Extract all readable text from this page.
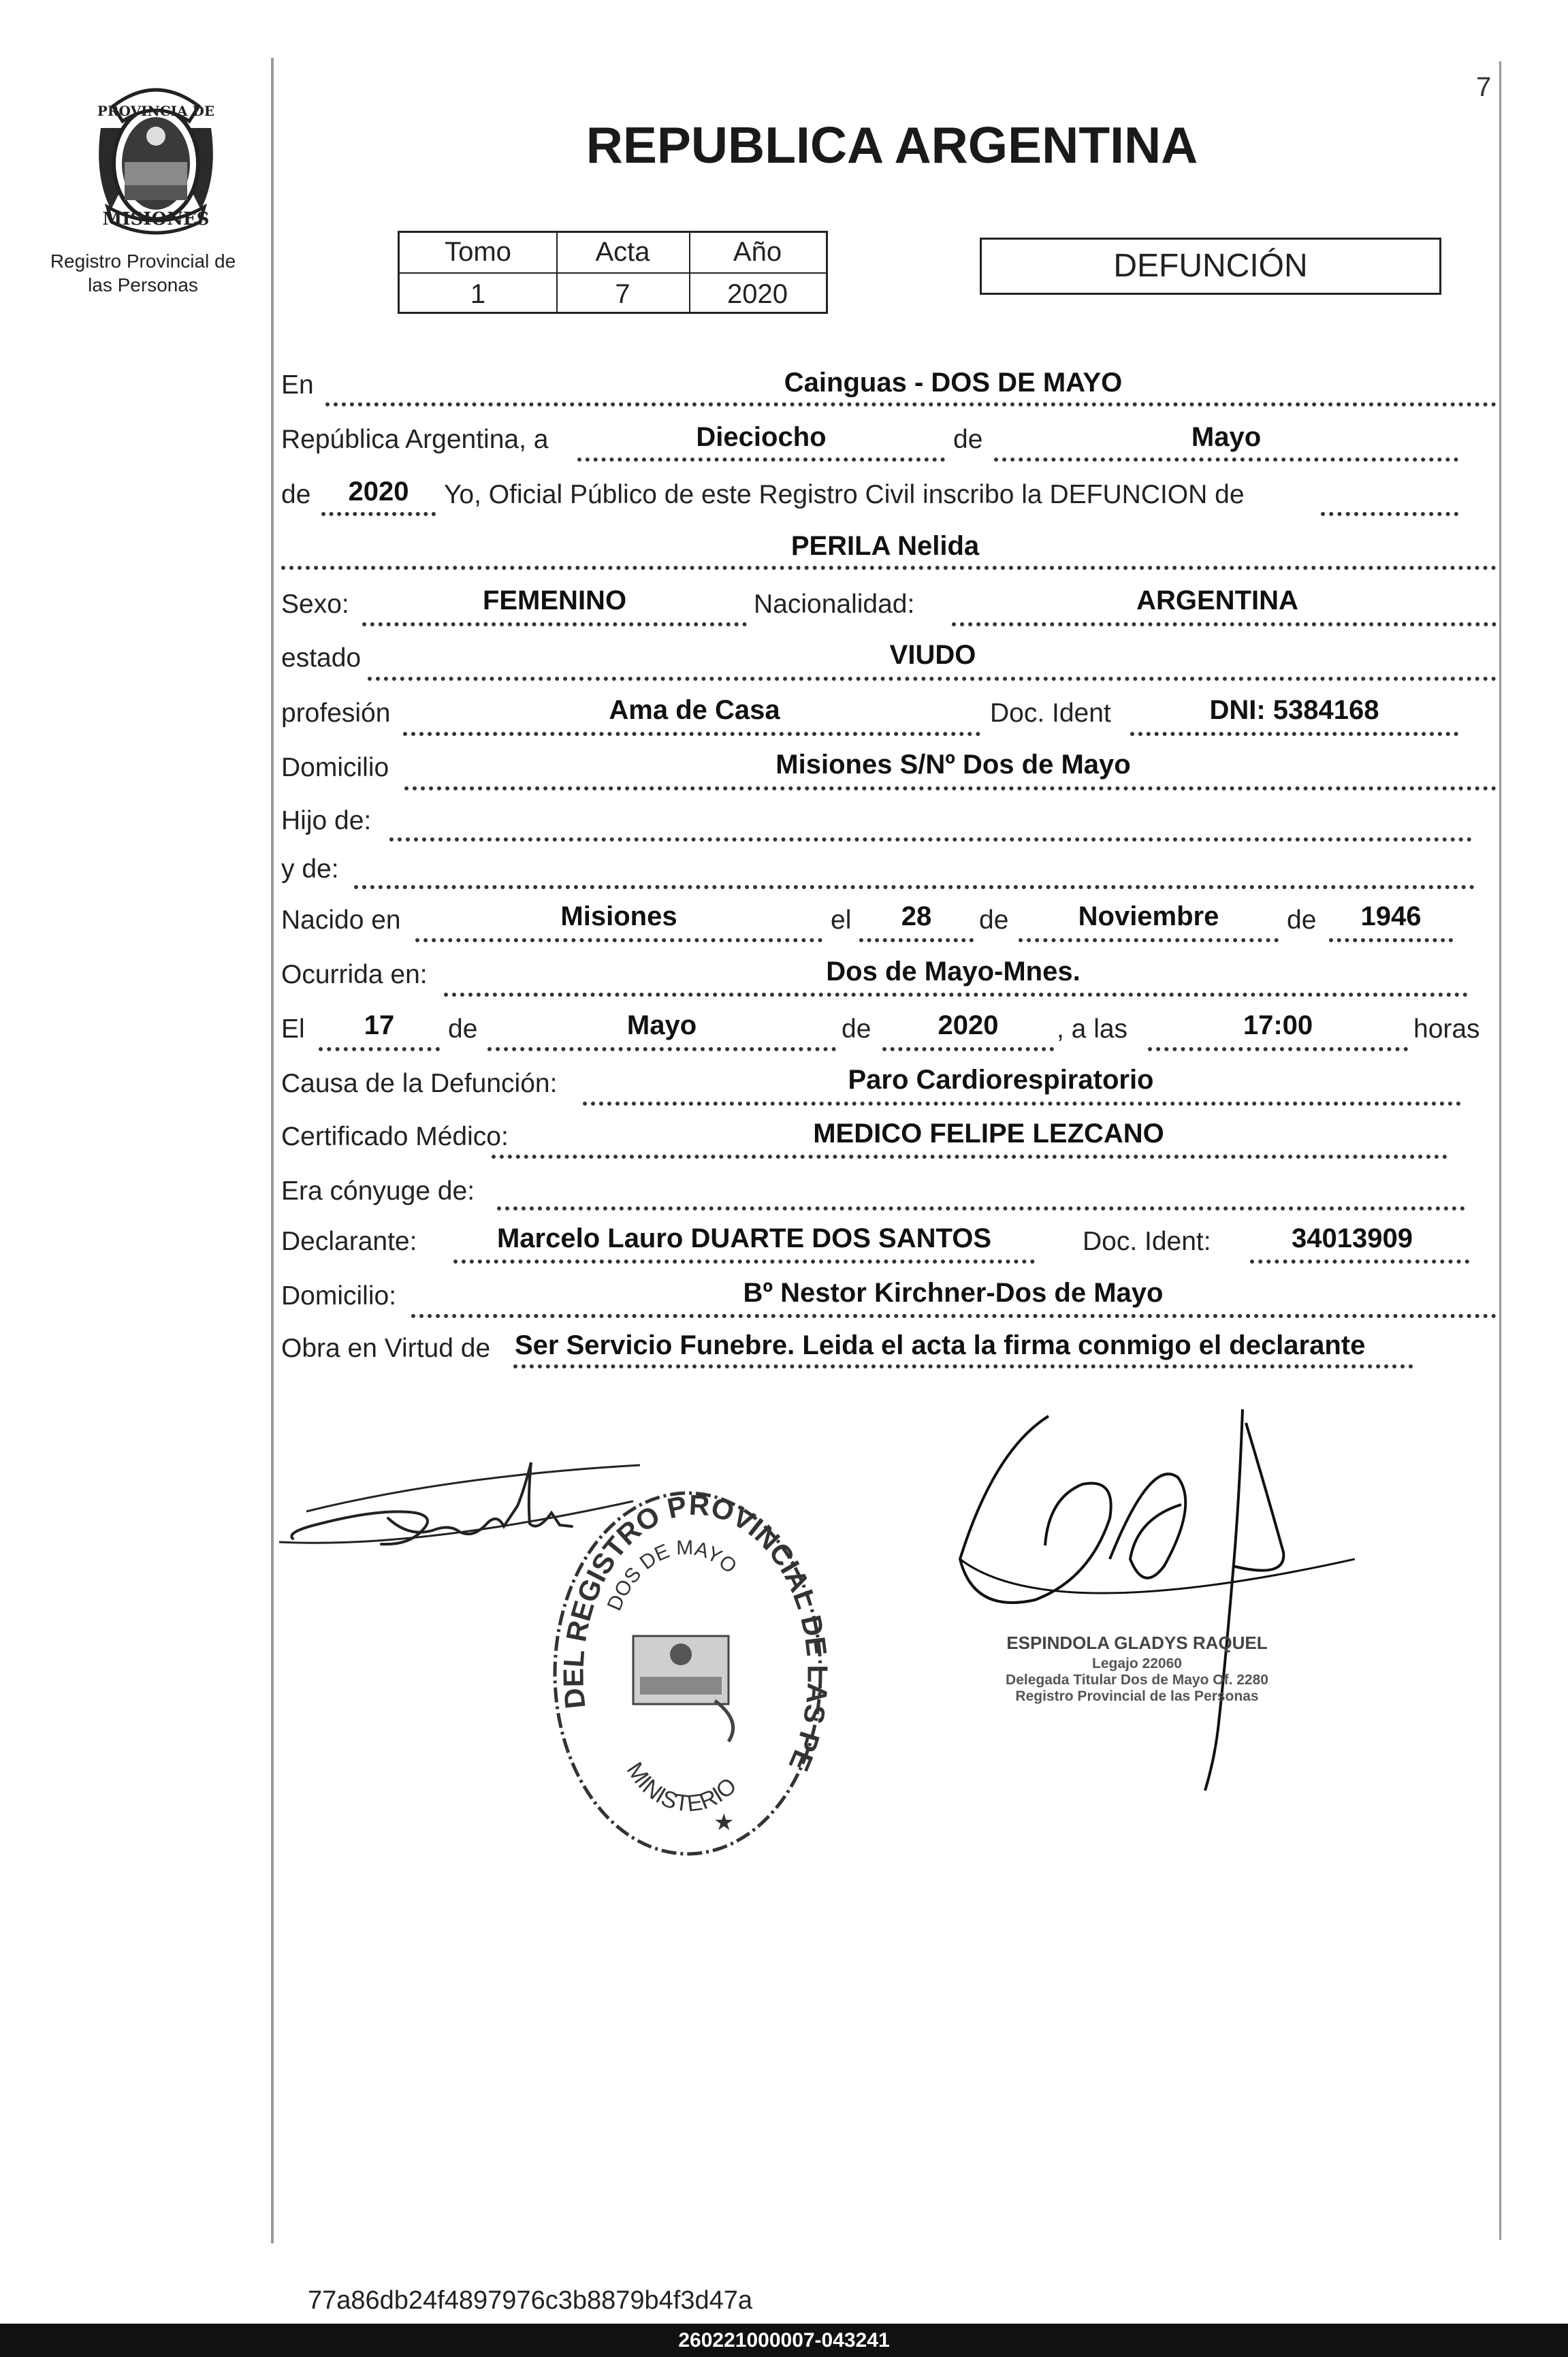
7
PROVINCIA DE
MISIONES
Registro Provincial de
las Personas
REPUBLICA ARGENTINA
Tomo	Acta	Año
1	7	2020
DEFUNCIÓN
En	Cainguas - DOS DE MAYO
República Argentina, a	Dieciocho	de	Mayo
de	2020	Yo, Oficial Público de este Registro Civil inscribo la DEFUNCION de
PERILA Nelida
Sexo:	FEMENINO	Nacionalidad:	ARGENTINA
estado	VIUDO
profesión	Ama de Casa	Doc. Ident	DNI: 5384168
Domicilio	Misiones S/Nº Dos de Mayo
Hijo de:
y de:
Nacido en	Misiones	el	28	de	Noviembre	de	1946
Ocurrida en:	Dos de Mayo-Mnes.
El	17	de	Mayo	de	2020	, a las	17:00	horas
Causa de la Defunción:	Paro Cardiorespiratorio
Certificado Médico:	MEDICO FELIPE LEZCANO
Era cónyuge de:
Declarante:	Marcelo Lauro DUARTE DOS SANTOS	Doc. Ident:	34013909
Domicilio:	Bº Nestor Kirchner-Dos de Mayo
Obra en Virtud de Ser Servicio Funebre. Leida el acta la firma conmigo el declarante
DEL REGISTRO PROVINCIAL DE LAS PE
DOS DE MAYO
MINISTERIO
★
ESPINDOLA GLADYS RAQUEL
Legajo 22060
Delegada Titular Dos de Mayo Of. 2280
Registro Provincial de las Personas
77a86db24f4897976c3b8879b4f3d47a
260221000007-043241
